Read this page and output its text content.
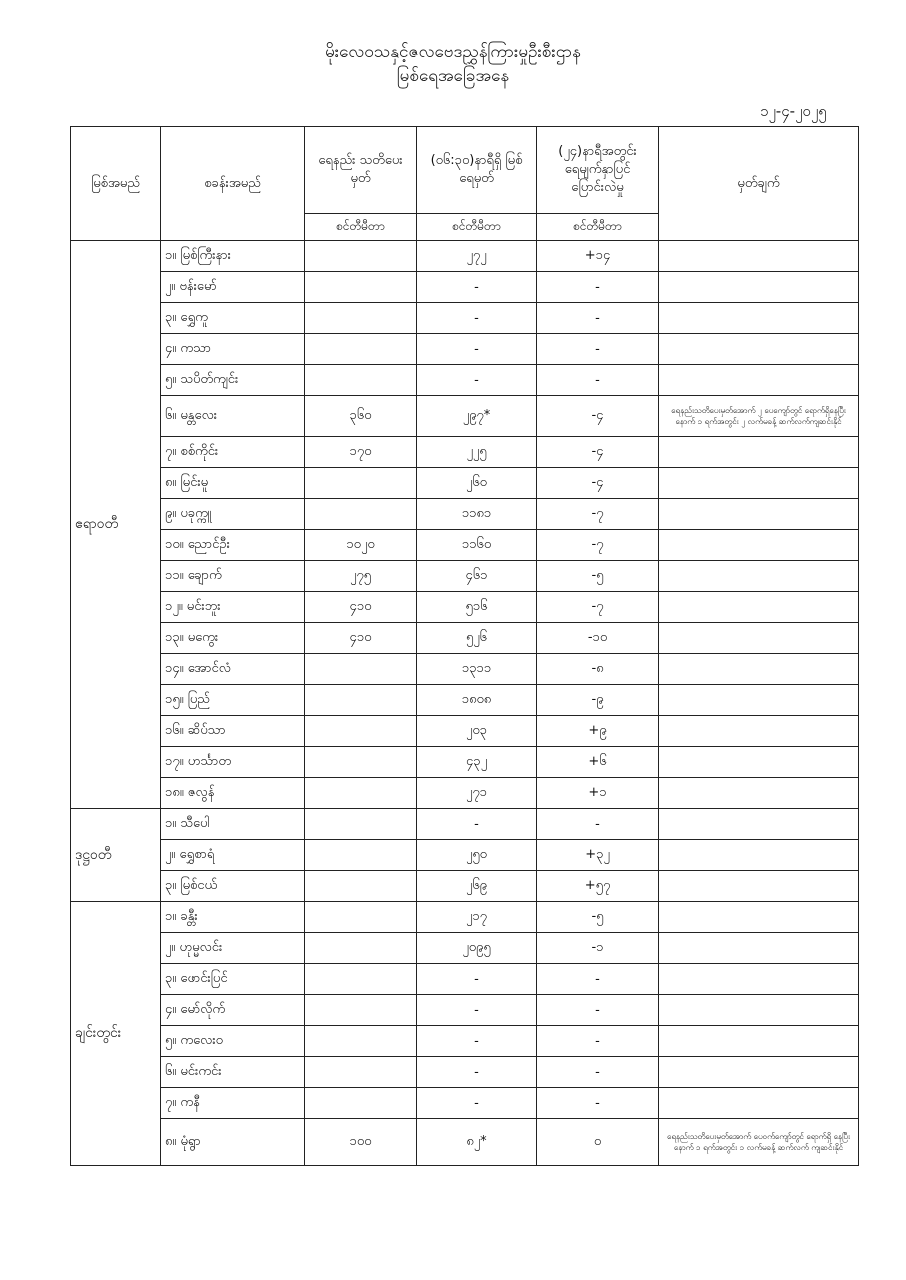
မိုးလေဝသနှင့်ဇလဗေဒညွှန်ကြားမှုဦးစီးဌာန
မြစ်ရေအခြေအနေ
၁၂-၄-၂၀၂၅
မြစ်အမည်	စခန်းအမည်	ရေနည်း သတိပေးမှတ်	(၀၆:၃၀)နာရီရှိ မြစ်ရေမှတ်	(၂၄)နာရီအတွင်း ရေမျက်နှာပြင် ပြောင်းလဲမှု	မှတ်ချက်
		စင်တီမီတာ	စင်တီမီတာ	စင်တီမီတာ	
ဧရာဝတီ	၁။ မြစ်ကြီးနား		၂၇၂	+၁၄	
	၂။ ဗန်းမော်		-	-	
	၃။ ရွှေကူ		-	-	
	၄။ ကသာ		-	-	
	၅။ သပိတ်ကျင်း		-	-	
	၆။ မန္တလေး	၃၆၀	၂၉၇*	-၄	ရေနည်းသတိပေးမှတ်အောက် ၂ ပေကျော်တွင် ရောက်ရှိနေပြီး နောက် ၁ ရက်အတွင်း ၂ လက်မခန့် ဆက်လက်ကျဆင်းနိုင်
	၇။ စစ်ကိုင်း	၁၇၀	၂၂၅	-၄	
	၈။ မြင်းမူ		၂၆၀	-၄	
	၉။ ပခုက္ကူ		၁၁၈၁	-၇	
	၁၀။ ညောင်ဦး	၁၀၂၀	၁၁၆၀	-၇	
	၁၁။ ချောက်	၂၇၅	၄၆၁	-၅	
	၁၂။ မင်းဘူး	၄၁၀	၅၁၆	-၇	
	၁၃။ မကွေး	၄၁၀	၅၂၆	-၁၀	
	၁၄။ အောင်လံ		၁၃၁၁	-၈	
	၁၅။ ပြည်		၁၈၀၈	-၉	
	၁၆။ ဆိပ်သာ		၂၀၃	+၉	
	၁၇။ ဟင်္သာတ		၄၃၂	+၆	
	၁၈။ ဇလွန်		၂၇၁	+၁	
ဒုဋ္ဌဝတီ	၁။ သီပေါ		-	-	
	၂။ ရွှေစာရံ		၂၅၀	+၃၂	
	၃။ မြစ်ငယ်		၂၆၉	+၅၇	
ချင်းတွင်း	၁။ ခန္တီး		၂၁၇	-၅	
	၂။ ဟုမ္မလင်း		၂၀၉၅	-၁	
	၃။ ဖောင်းပြင်		-	-	
	၄။ မော်လိုက်		-	-	
	၅။ ကလေးဝ		-	-	
	၆။ မင်းကင်း		-	-	
	၇။ ကနီ		-	-	
	၈။ မုံရွာ	၁၀၀	၈၂*	၀	ရေနည်းသတိပေးမှတ်အောက် ပေဝက်ကျော်တွင် ရောက်ရှိ နေပြီး နောက် ၁ ရက်အတွင်း ၁ လက်မခန့် ဆက်လက် ကျဆင်းနိုင်
